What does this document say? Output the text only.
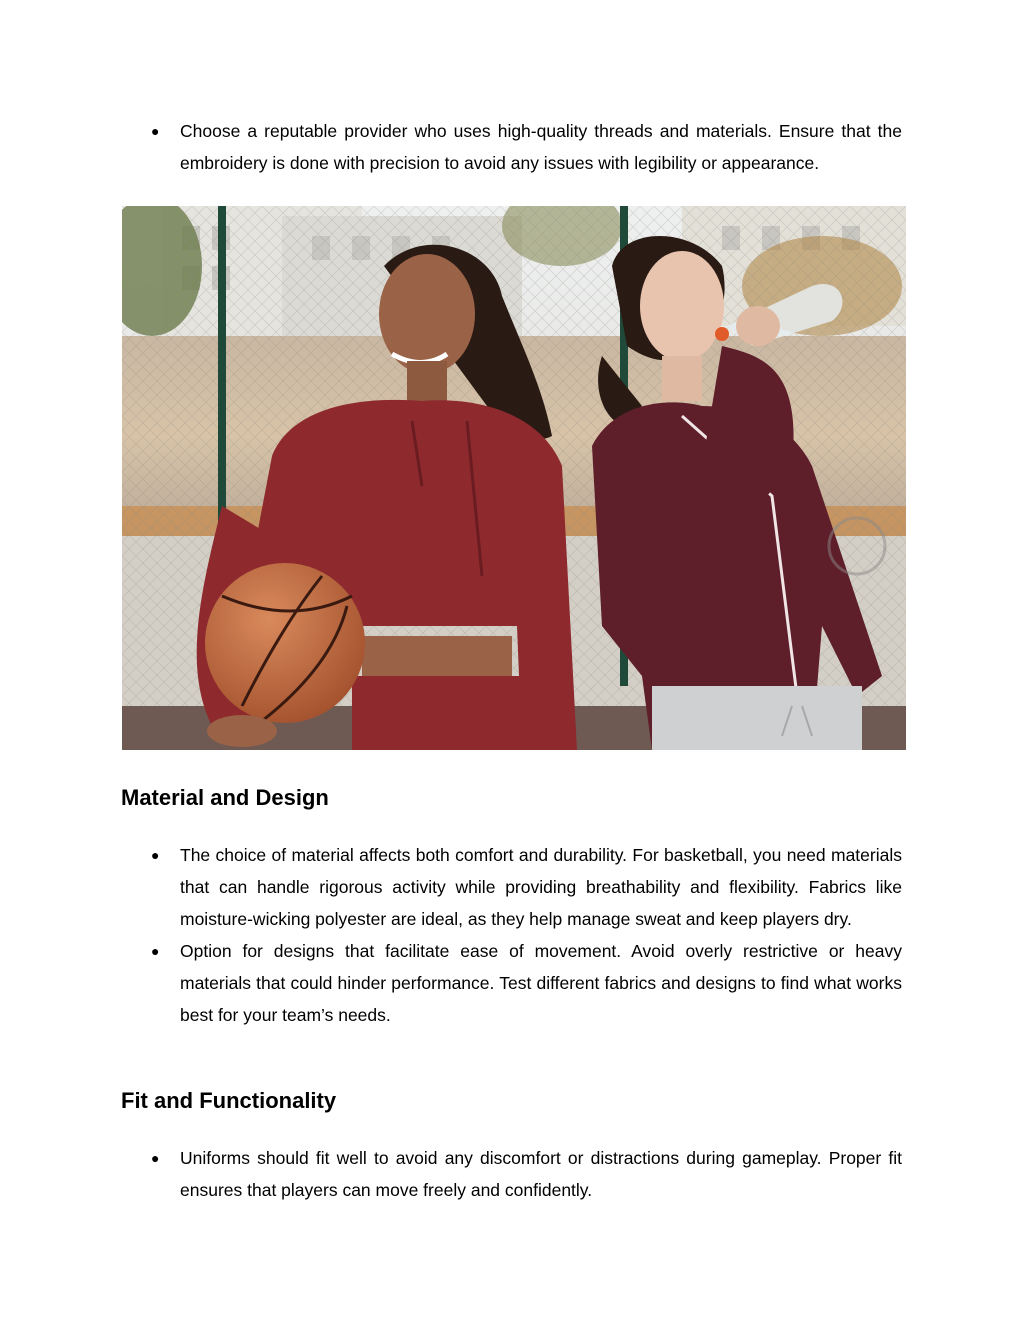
● Choose a reputable provider who uses high-quality threads and materials. Ensure that the embroidery is done with precision to avoid any issues with legibility or appearance.
Material and Design
● The choice of material affects both comfort and durability. For basketball, you need materials that can handle rigorous activity while providing breathability and flexibility. Fabrics like moisture-wicking polyester are ideal, as they help manage sweat and keep players dry.
● Option for designs that facilitate ease of movement. Avoid overly restrictive or heavy materials that could hinder performance. Test different fabrics and designs to find what works best for your team’s needs.
Fit and Functionality
● Uniforms should fit well to avoid any discomfort or distractions during gameplay. Proper fit ensures that players can move freely and confidently.
